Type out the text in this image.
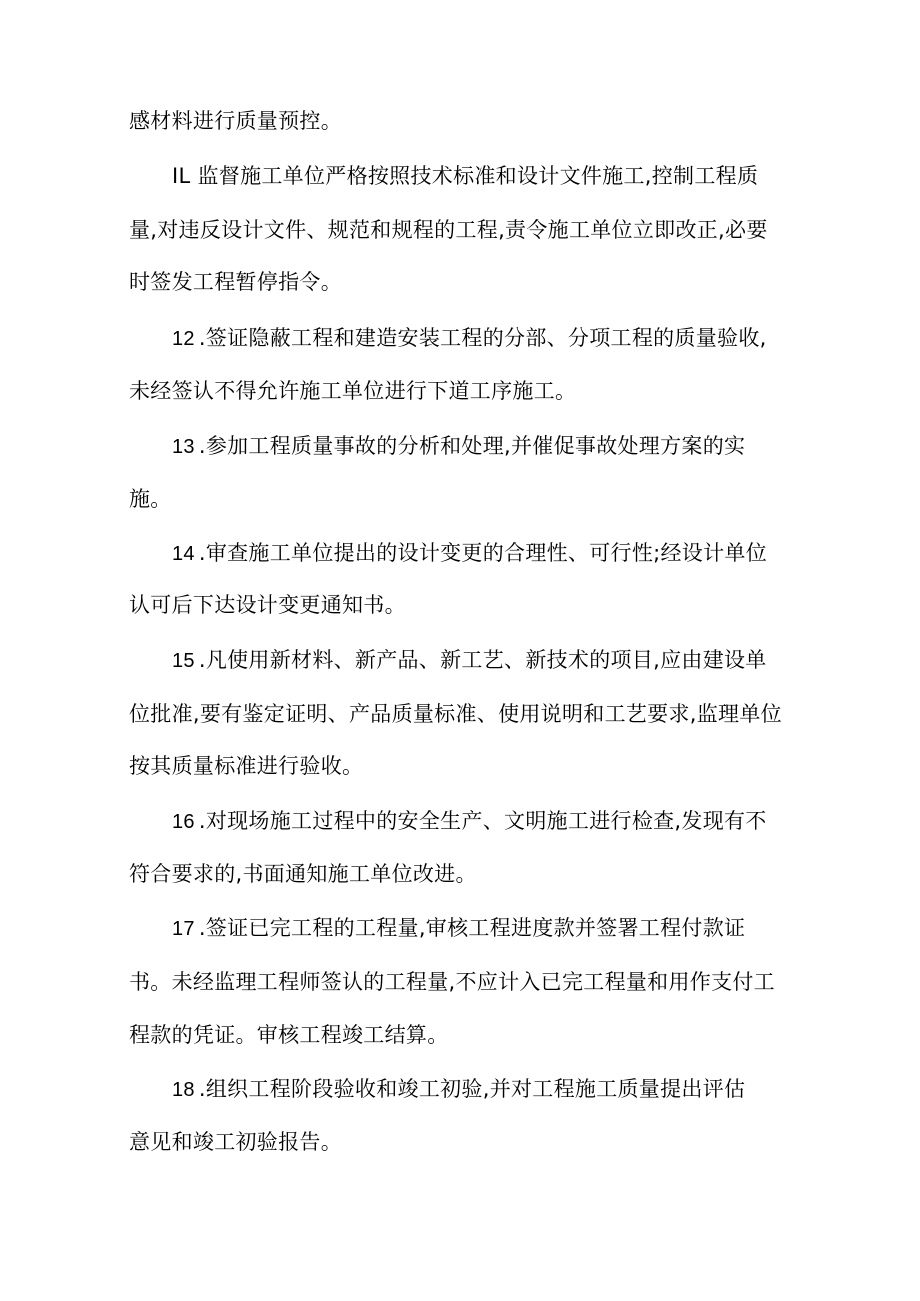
感材料进行质量预控。
IL 监督施工单位严格按照技术标准和设计文件施工,控制工程质
量,对违反设计文件、规范和规程的工程,责令施工单位立即改正,必要
时签发工程暂停指令。
12 .签证隐蔽工程和建造安装工程的分部、分项工程的质量验收,
未经签认不得允许施工单位进行下道工序施工。
13 .参加工程质量事故的分析和处理,并催促事故处理方案的实
施。
14 .审查施工单位提出的设计变更的合理性、可行性;经设计单位
认可后下达设计变更通知书。
15 .凡使用新材料、新产品、新工艺、新技术的项目,应由建设单
位批准,要有鉴定证明、产品质量标准、使用说明和工艺要求,监理单位
按其质量标准进行验收。
16 .对现场施工过程中的安全生产、文明施工进行检查,发现有不
符合要求的,书面通知施工单位改进。
17 .签证已完工程的工程量,审核工程进度款并签署工程付款证
书。未经监理工程师签认的工程量,不应计入已完工程量和用作支付工
程款的凭证。审核工程竣工结算。
18 .组织工程阶段验收和竣工初验,并对工程施工质量提出评估
意见和竣工初验报告。
